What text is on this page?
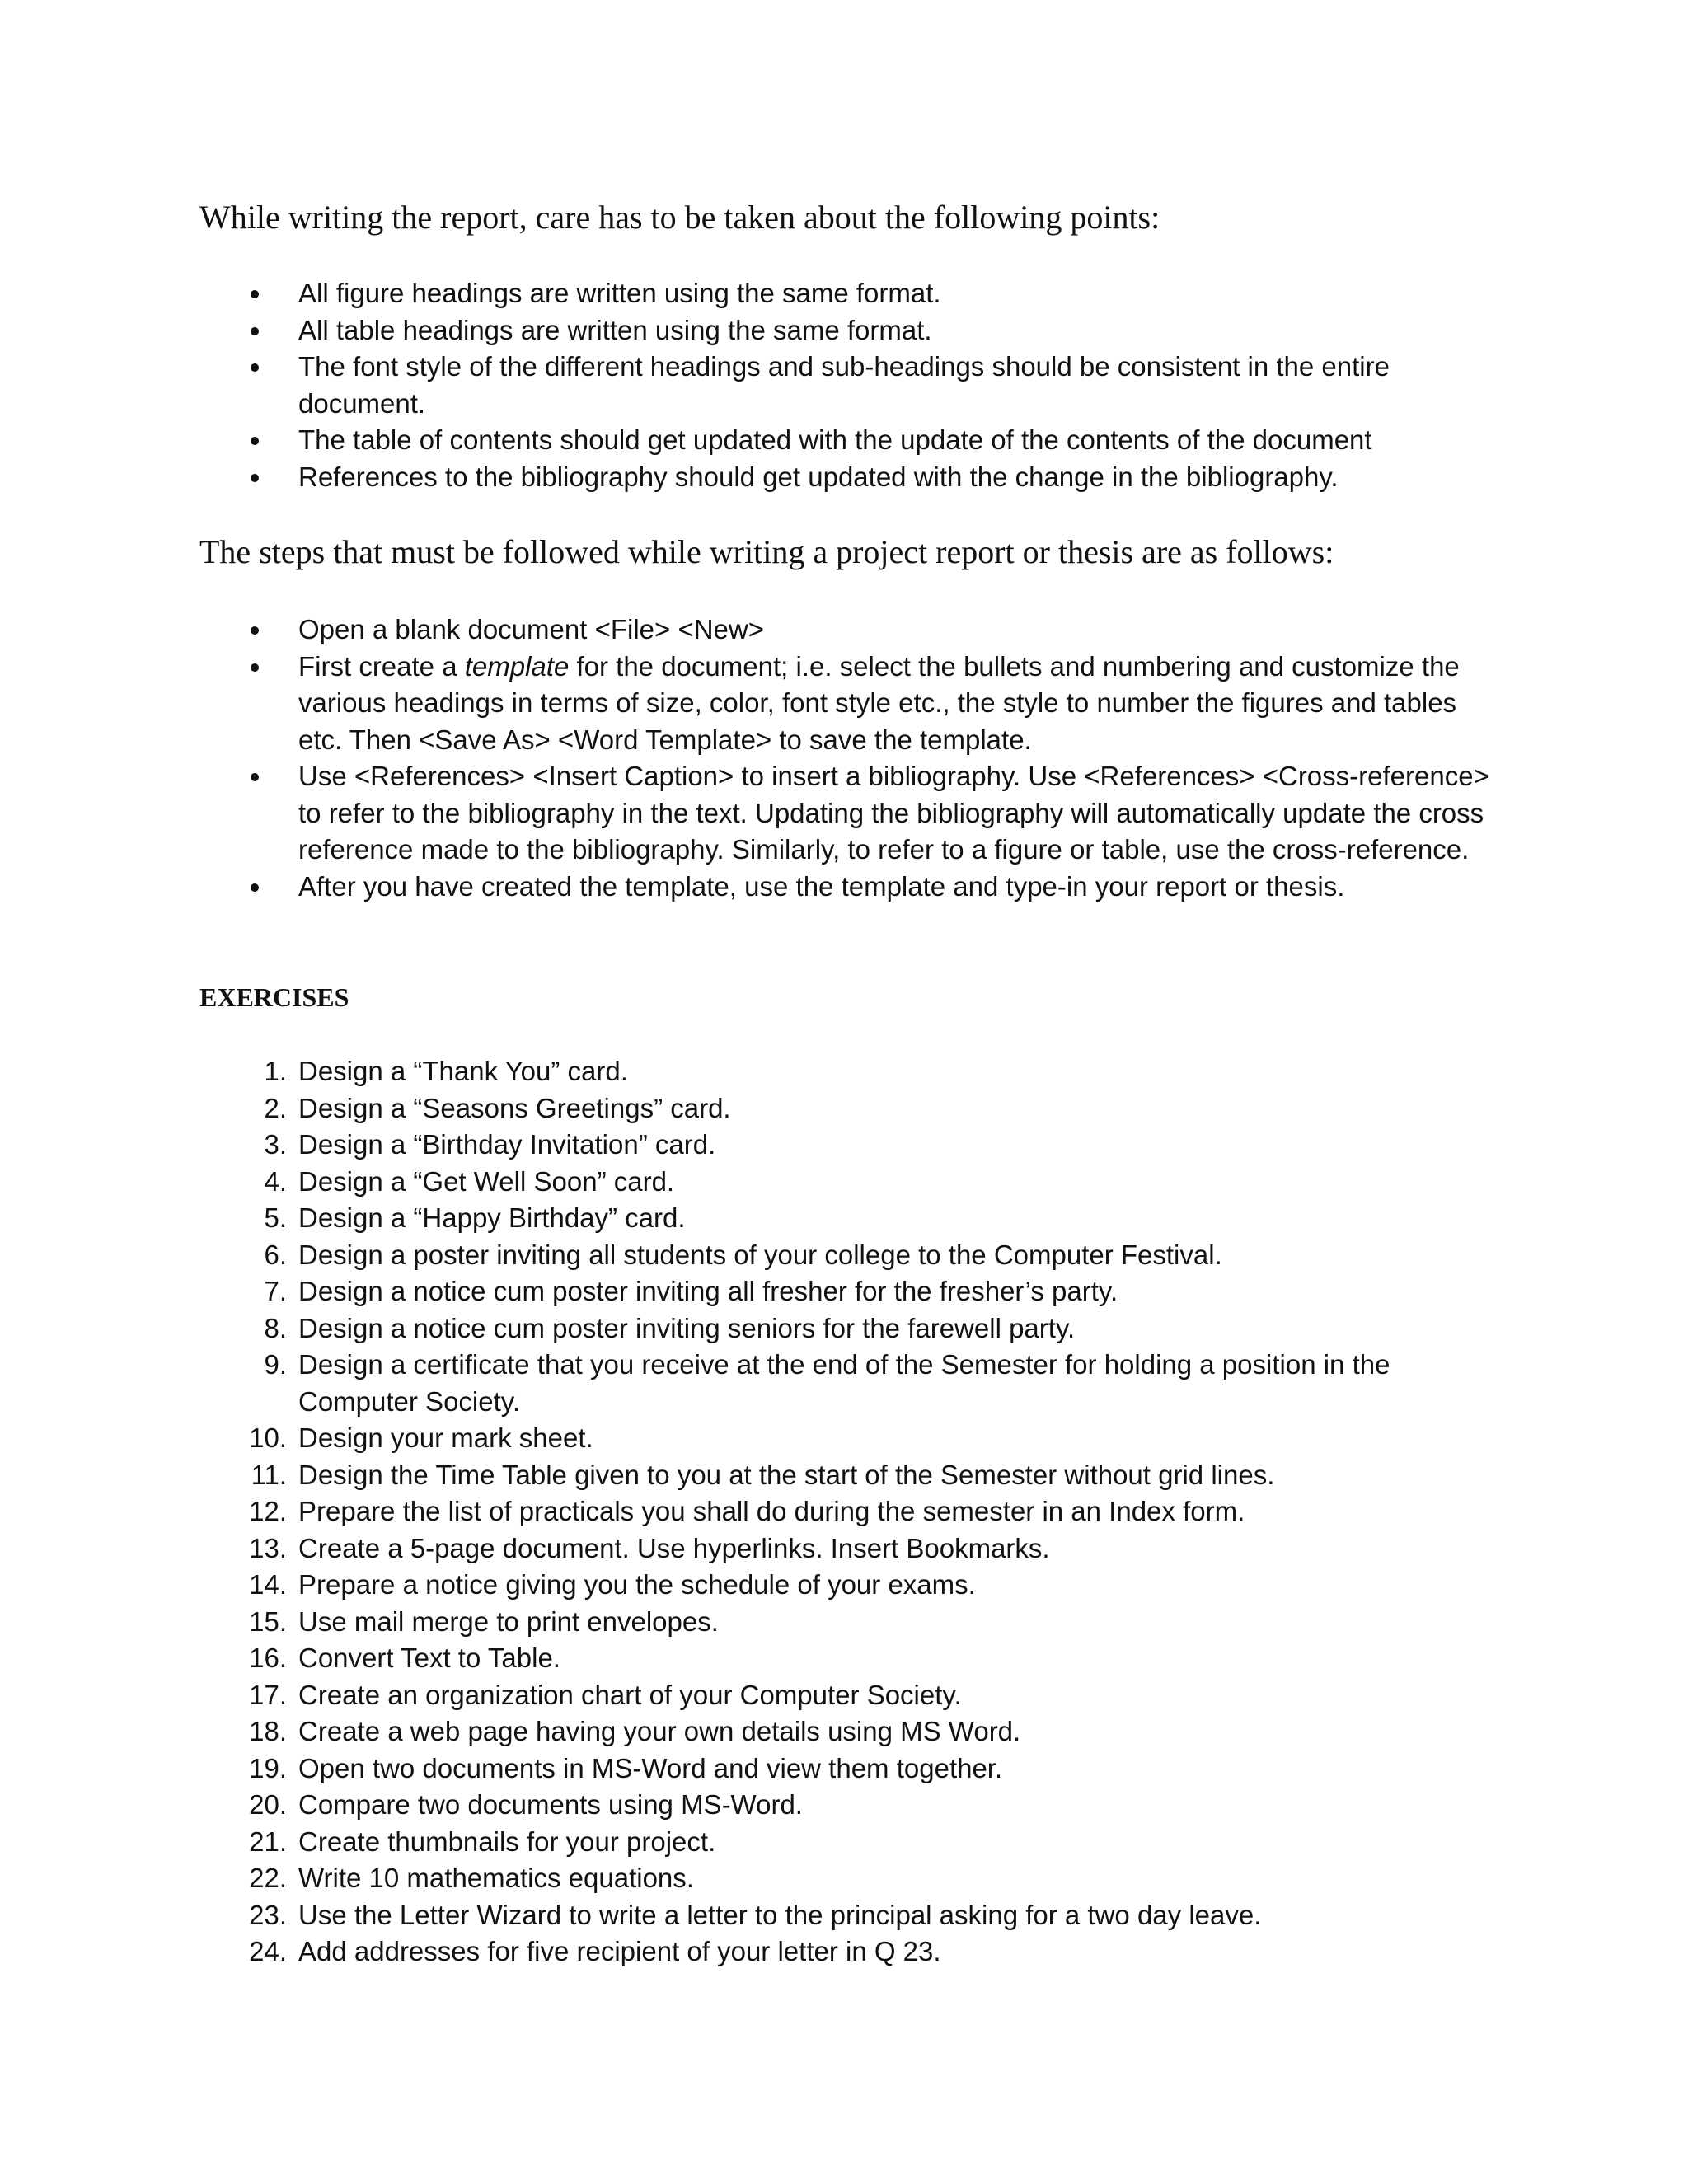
While writing the report, care has to be taken about the following points:
All figure headings are written using the same format.
All table headings are written using the same format.
The font style of the different headings and sub-headings should be consistent in the entire document.
The table of contents should get updated with the update of the contents of the document
References to the bibliography should get updated with the change in the bibliography.
The steps that must be followed while writing a project report or thesis are as follows:
Open a blank document <File> <New>
First create a template for the document; i.e. select the bullets and numbering and customize the various headings in terms of size, color, font style etc., the style to number the figures and tables etc. Then <Save As> <Word Template> to save the template.
Use <References> <Insert Caption> to insert a bibliography. Use <References> <Cross-reference> to refer to the bibliography in the text. Updating the bibliography will automatically update the cross reference made to the bibliography. Similarly, to refer to a figure or table, use the cross-reference.
After you have created the template, use the template and type-in your report or thesis.
EXERCISES
1. Design a “Thank You” card.
2. Design a “Seasons Greetings” card.
3. Design a “Birthday Invitation” card.
4. Design a “Get Well Soon” card.
5. Design a “Happy Birthday” card.
6. Design a poster inviting all students of your college to the Computer Festival.
7. Design a notice cum poster inviting all fresher for the fresher’s party.
8. Design a notice cum poster inviting seniors for the farewell party.
9. Design a certificate that you receive at the end of the Semester for holding a position in the Computer Society.
10. Design your mark sheet.
11. Design the Time Table given to you at the start of the Semester without grid lines.
12. Prepare the list of practicals you shall do during the semester in an Index form.
13. Create a 5-page document. Use hyperlinks. Insert Bookmarks.
14. Prepare a notice giving you the schedule of your exams.
15. Use mail merge to print envelopes.
16. Convert Text to Table.
17. Create an organization chart of your Computer Society.
18. Create a web page having your own details using MS Word.
19. Open two documents in MS-Word and view them together.
20. Compare two documents using MS-Word.
21. Create thumbnails for your project.
22. Write 10 mathematics equations.
23. Use the Letter Wizard to write a letter to the principal asking for a two day leave.
24. Add addresses for five recipient of your letter in Q 23.
